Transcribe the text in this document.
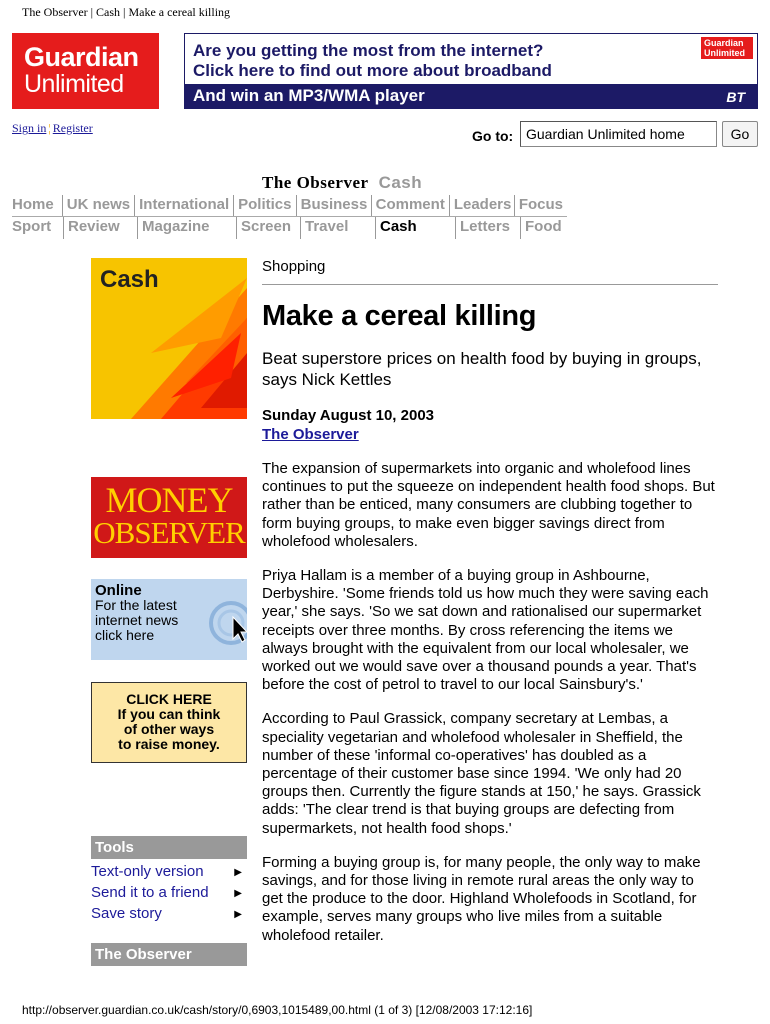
The Observer | Cash | Make a cereal killing
Guardian
Unlimited
Are you getting the most from the internet?
Click here to find out more about broadband
And win an MP3/WMA player
Guardian Unlimited
BT
Sign in ¦ Register	Go to: Guardian Unlimited home	Go
The Observer Cash
Home UK news International Politics Business Comment Leaders Focus
Sport	Review	Magazine	Screen Travel	Cash	Letters Food
Cash
MONEY
OBSERVER
Online
For the latest
internet news
click here
CLICK HERE
If you can think
of other ways
to raise money.
Tools
Text-only version	▶
Send it to a friend	▶
Save story	▶
The Observer
Shopping
Make a cereal killing
Beat superstore prices on health food by buying in groups, says Nick Kettles
Sunday August 10, 2003
The Observer

The expansion of supermarkets into organic and wholefood lines continues to put the squeeze on independent health food shops. But rather than be enticed, many consumers are clubbing together to form buying groups, to make even bigger savings direct from wholefood wholesalers.

Priya Hallam is a member of a buying group in Ashbourne, Derbyshire. 'Some friends told us how much they were saving each year,' she says. 'So we sat down and rationalised our supermarket receipts over three months. By cross referencing the items we always brought with the equivalent from our local wholesaler, we worked out we would save over a thousand pounds a year. That's before the cost of petrol to travel to our local Sainsbury's.'

According to Paul Grassick, company secretary at Lembas, a speciality vegetarian and wholefood wholesaler in Sheffield, the number of these 'informal co-operatives' has doubled as a percentage of their customer base since 1994. 'We only had 20 groups then. Currently the figure stands at 150,' he says. Grassick adds: 'The clear trend is that buying groups are defecting from supermarkets, not health food shops.'

Forming a buying group is, for many people, the only way to make savings, and for those living in remote rural areas the only way to get the produce to the door. Highland Wholefoods in Scotland, for example, serves many groups who live miles from a suitable wholefood retailer.

http://observer.guardian.co.uk/cash/story/0,6903,1015489,00.html (1 of 3) [12/08/2003 17:12:16]
